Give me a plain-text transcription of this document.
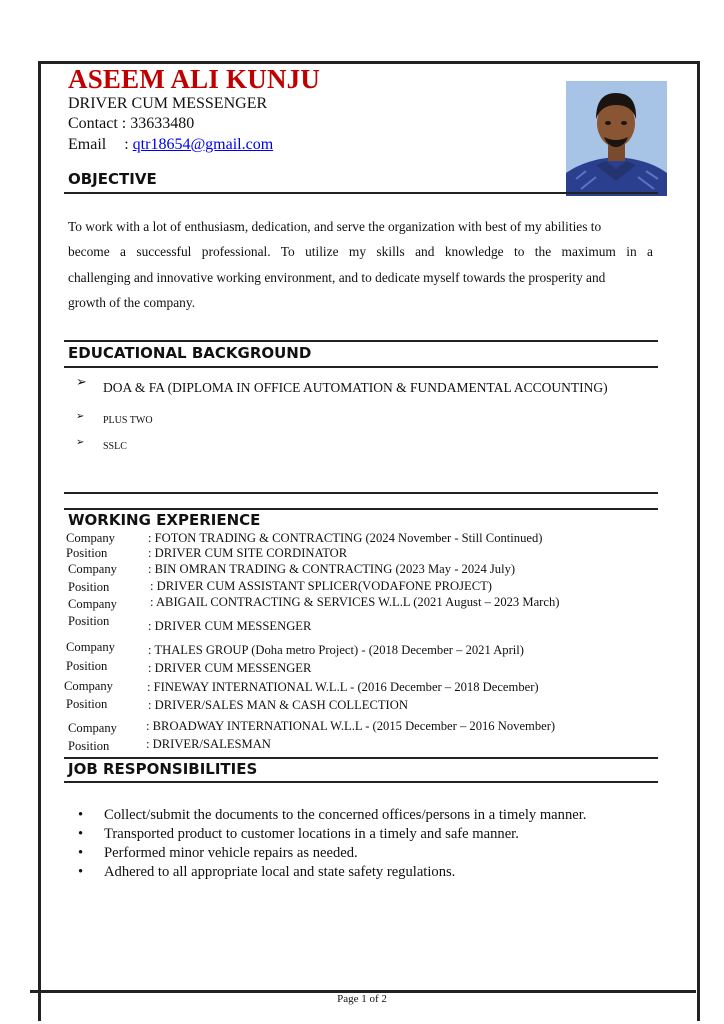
ASEEM ALI KUNJU
DRIVER CUM MESSENGER
Contact : 33633480
Email : qtr18654@gmail.com
OBJECTIVE
To work with a lot of enthusiasm, dedication, and serve the organization with best of my abilities to
become a successful professional. To utilize my skills and knowledge to the maximum in a
challenging and innovative working environment, and to dedicate myself towards the prosperity and
growth of the company.
EDUCATIONAL BACKGROUND
➢ DOA & FA (DIPLOMA IN OFFICE AUTOMATION & FUNDAMENTAL ACCOUNTING)
➢ PLUS TWO
➢ SSLC
WORKING EXPERIENCE
Company	: FOTON TRADING & CONTRACTING (2024 November - Still Continued)
Position	: DRIVER CUM SITE CORDINATOR
Company : BIN OMRAN TRADING & CONTRACTING (2023 May - 2024 July)
Position	: DRIVER CUM ASSISTANT SPLICER(VODAFONE PROJECT)
Company	: ABIGAIL CONTRACTING & SERVICES W.L.L (2021 August – 2023 March)
Position	: DRIVER CUM MESSENGER
Company	: THALES GROUP (Doha metro Project) - (2018 December – 2021 April)
Position	: DRIVER CUM MESSENGER
Company	: FINEWAY INTERNATIONAL W.L.L - (2016 December – 2018 December)
Position	: DRIVER/SALES MAN & CASH COLLECTION
Company : BROADWAY INTERNATIONAL W.L.L - (2015 December – 2016 November)
Position	: DRIVER/SALESMAN
JOB RESPONSIBILITIES
• Collect/submit the documents to the concerned offices/persons in a timely manner.
• Transported product to customer locations in a timely and safe manner.
• Performed minor vehicle repairs as needed.
• Adhered to all appropriate local and state safety regulations.
Page 1 of 2
